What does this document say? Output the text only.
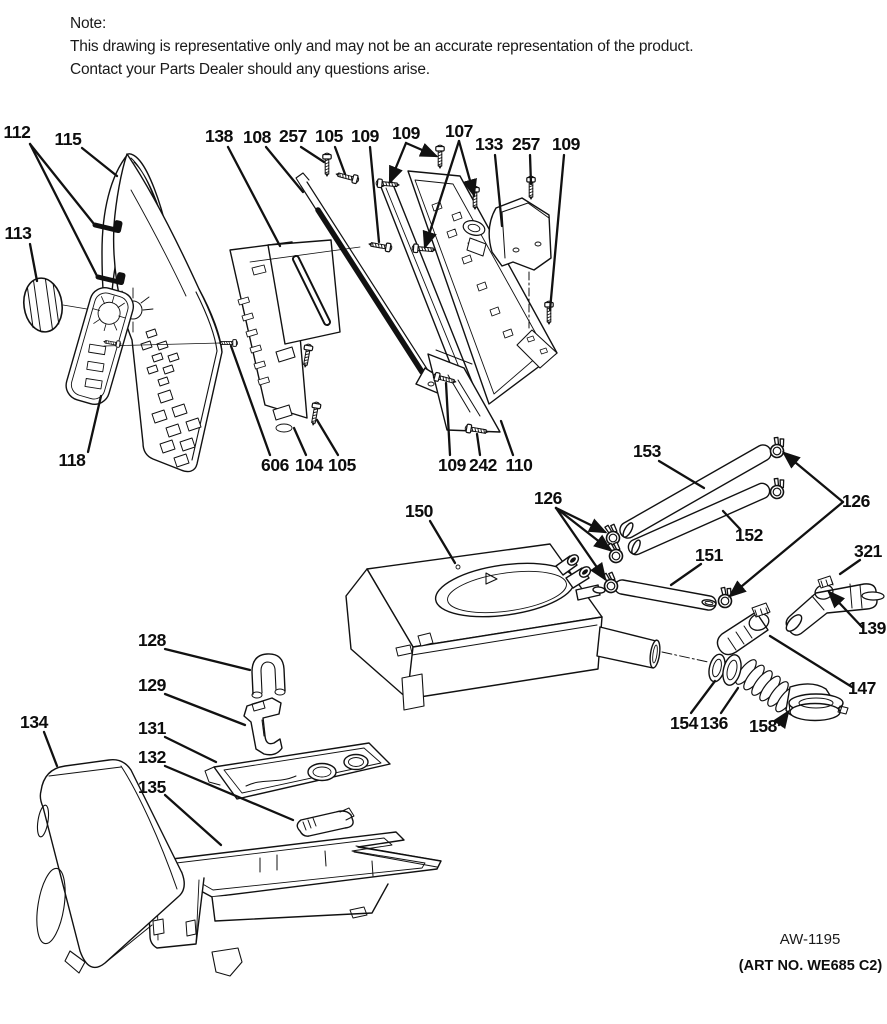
Note:
This drawing is representative only and may not be an accurate representation of the product.
Contact your Parts Dealer should any questions arise.
112 115
113
118
138 108 257 105 109 109 107
133 257 109
606 104 105	109 242 110
150
126
153
126
152
151	321
139
147
154 136 158
128
129
131
132
135
134
AW-1195
(ART NO. WE685 C2)
